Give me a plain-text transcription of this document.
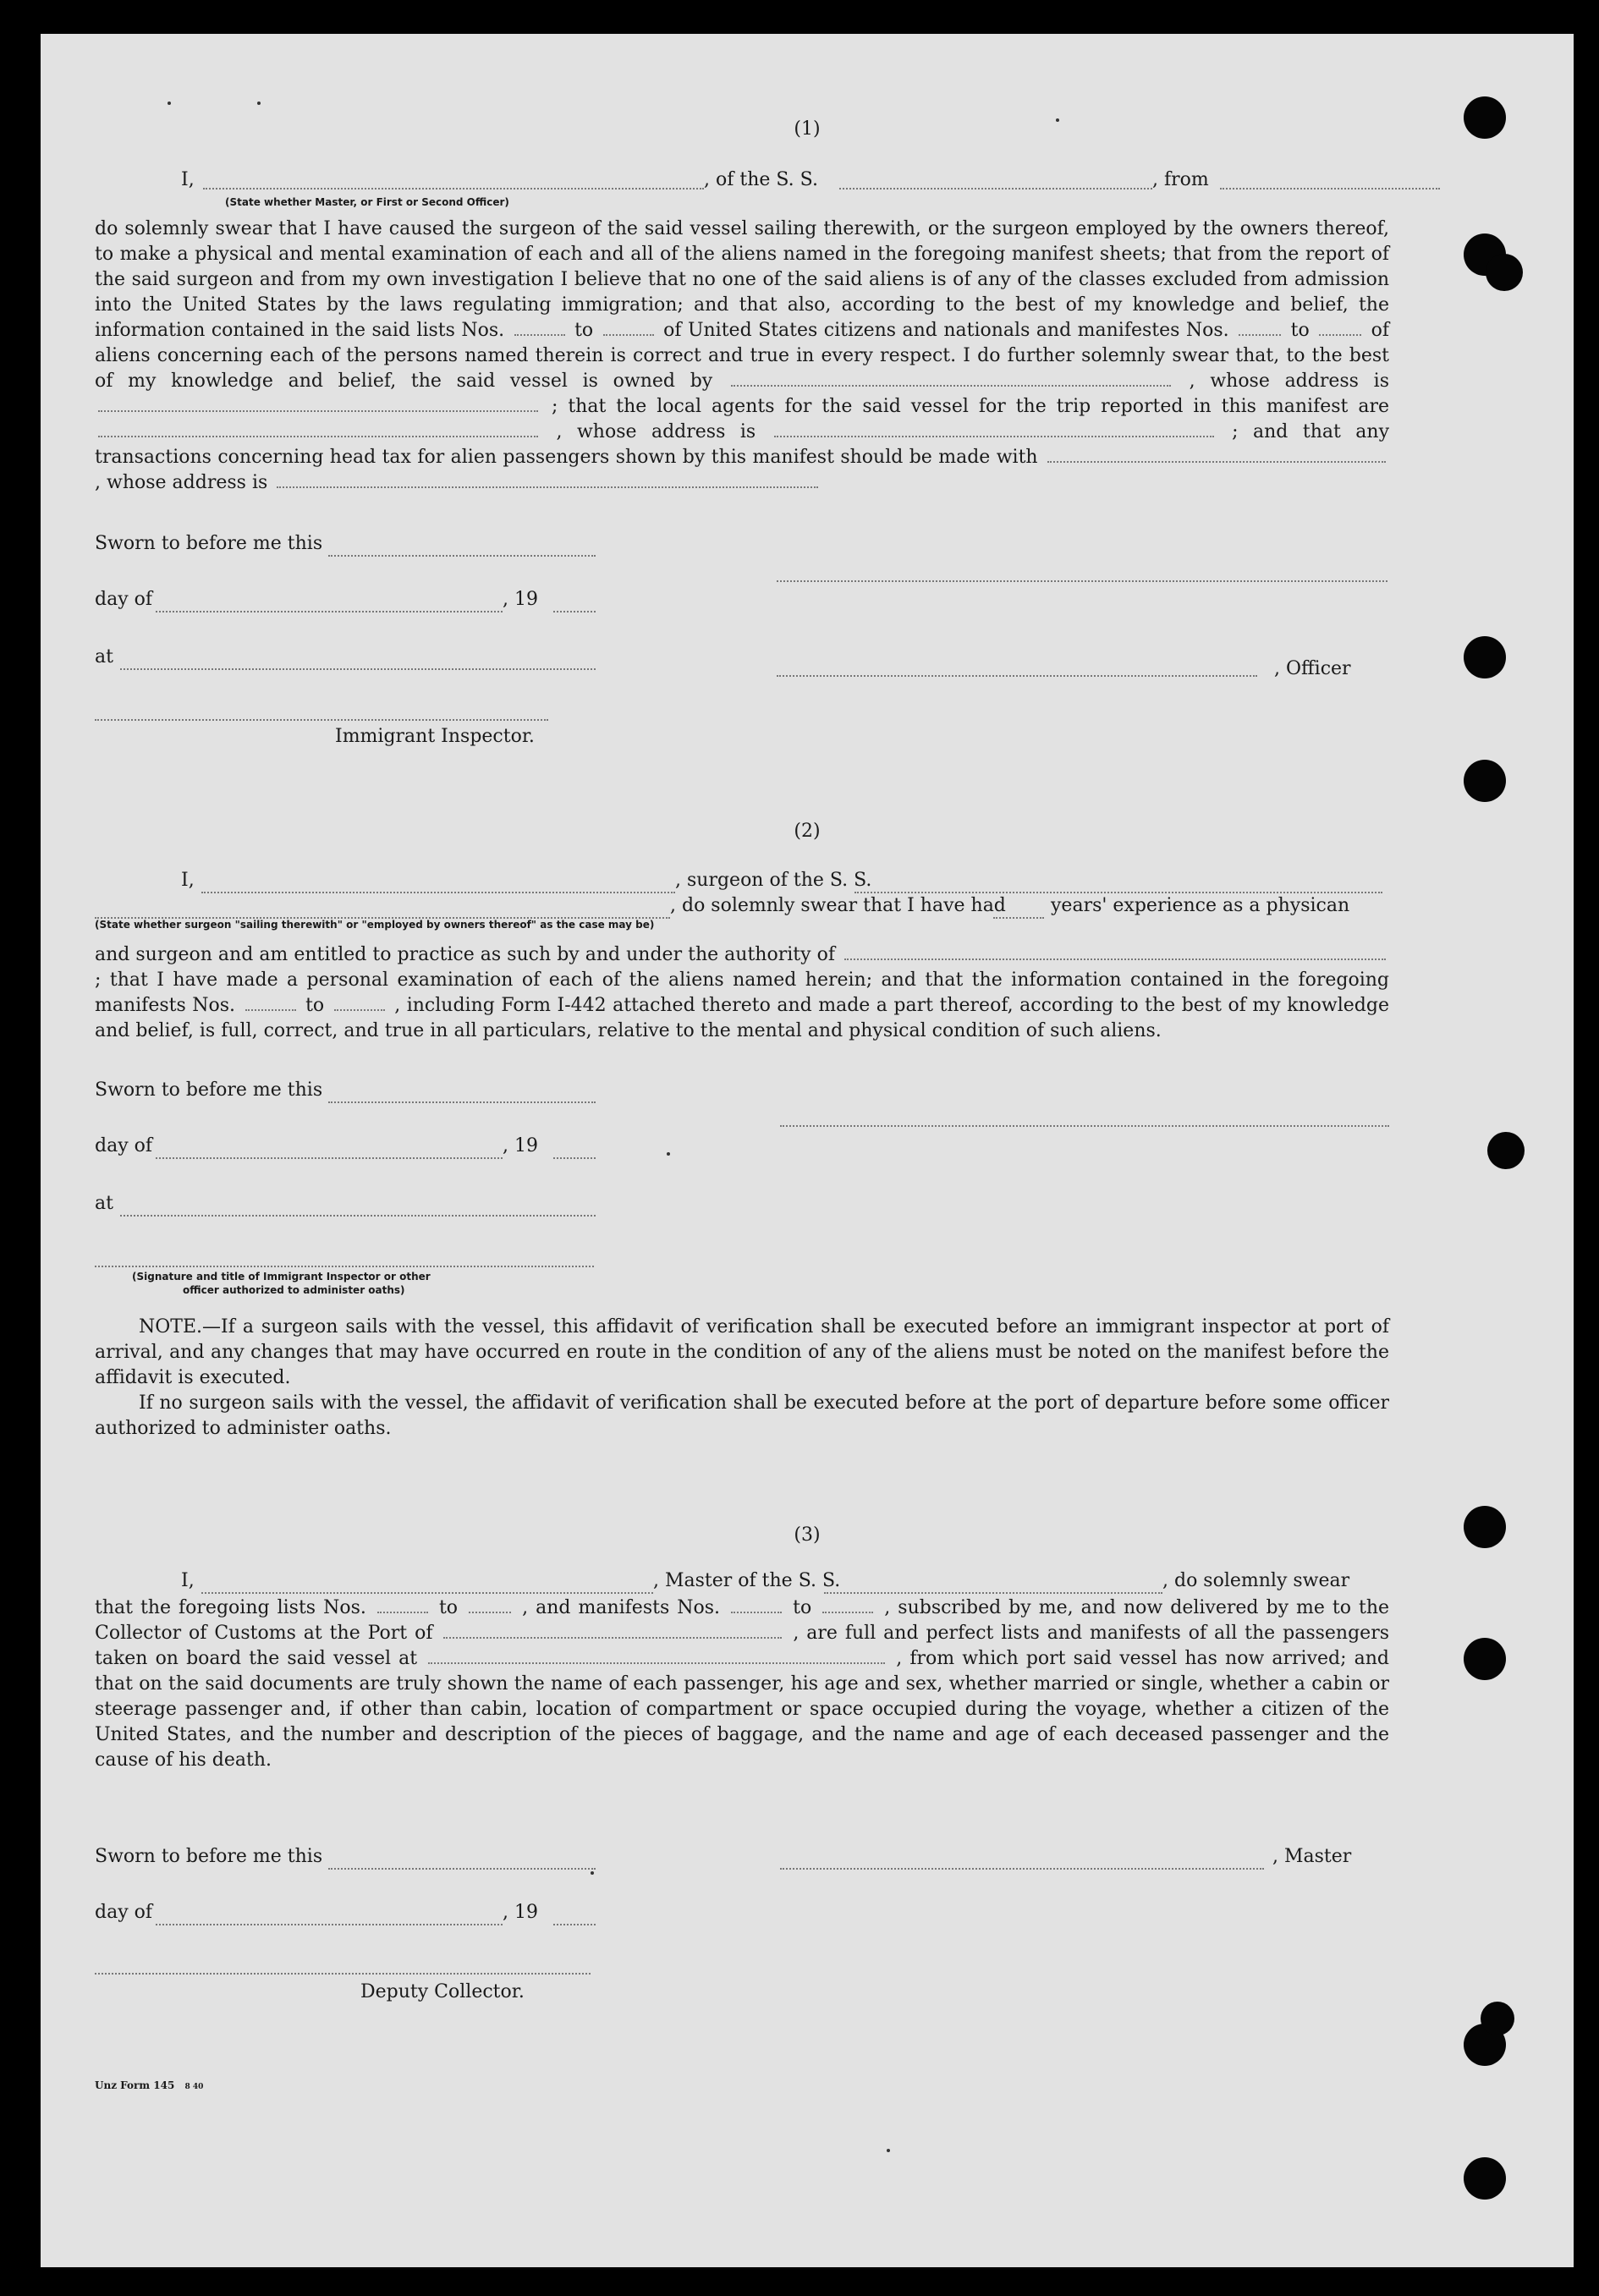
(1)
I,
(State whether Master, or First or Second Officer)
, of the S. S.	, from

do solemnly swear that I have caused the surgeon of the said vessel sailing therewith, or the surgeon employed by the owners thereof, to make a physical and mental examination of each and all of the aliens named in the foregoing manifest sheets; that from the report of the said surgeon and from my own investigation I believe that no one of the said aliens is of any of the classes excluded from admission into the United States by the laws regulating immigration; and that also, according to the best of my knowledge and belief, the information contained in the said lists Nos.	to	of United States citizens and nationals and manifestes Nos.	to	of aliens concerning each of the persons named therein is correct and true in every respect. I do further solemnly swear that, to the best of my knowledge and belief, the said vessel is owned by	, whose address is  ; that the local agents for the said vessel for the trip reported in this manifest are  , whose address is	; and that any transactions concerning head tax for alien passengers shown by this manifest should be made with , whose address is

Sworn to before me this
day of	, 19
at
, Officer
Immigrant Inspector.
(2)
I,	, surgeon of the S. S.
, do solemnly swear that I have had years' experience as a physican
(State whether surgeon "sailing therewith" or "employed by owners thereof" as the case may be)

and surgeon and am entitled to practice as such by and under the authority of ; that I have made a personal examination of each of the aliens named herein; and that the information contained in the foregoing manifests Nos.	to	, including Form I-442 attached thereto and made a part thereof, according to the best of my knowledge and belief, is full, correct, and true in all particulars, relative to the mental and physical condition of such aliens.

Sworn to before me this
day of	, 19
at
(Signature and title of Immigrant Inspector or other
officer authorized to administer oaths)

NOTE.—If a surgeon sails with the vessel, this affidavit of verification shall be executed before an immigrant inspector at port of arrival, and any changes that may have occurred en route in the condition of any of the aliens must be noted on the manifest before the affidavit is executed.

If no surgeon sails with the vessel, the affidavit of verification shall be executed before at the port of departure before some officer authorized to administer oaths.

(3)
I,	, Master of the S. S.	, do solemnly swear

that the foregoing lists Nos.	to	, and manifests Nos.	to	, subscribed by me, and now delivered by me to the Collector of Customs at the Port of	, are full and perfect lists and manifests of all the passengers taken on board the said vessel at	, from which port said vessel has now arrived; and that on the said documents are truly shown the name of each passenger, his age and sex, whether married or single, whether a cabin or steerage passenger and, if other than cabin, location of compartment or space occupied during the voyage, whether a citizen of the United States, and the number and description of the pieces of baggage, and the name and age of each deceased passenger and the cause of his death.

Sworn to before me this	, Master
day of	, 19
Deputy Collector.
Unz Form 145 8 40
